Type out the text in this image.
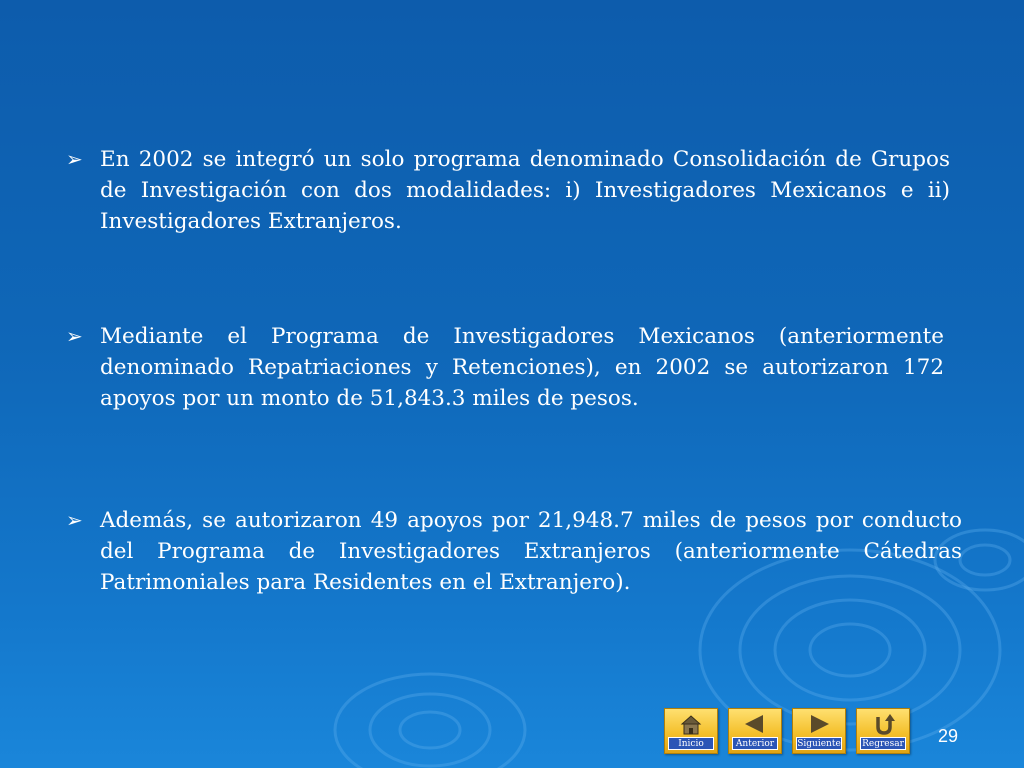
➢ En 2002 se integró un solo programa denominado Consolidación de Grupos de Investigación con dos modalidades: i) Investigadores Mexicanos e ii) Investigadores Extranjeros.
➢ Mediante el Programa de Investigadores Mexicanos (anteriormente denominado Repatriaciones y Retenciones), en 2002 se autorizaron 172 apoyos por un monto de 51,843.3 miles de pesos.
➢ Además, se autorizaron 49 apoyos por 21,948.7 miles de pesos por conducto del Programa de Investigadores Extranjeros (anteriormente Cátedras Patrimoniales para Residentes en el Extranjero).
Inicio	Anterior	Siguiente Regresar 29
